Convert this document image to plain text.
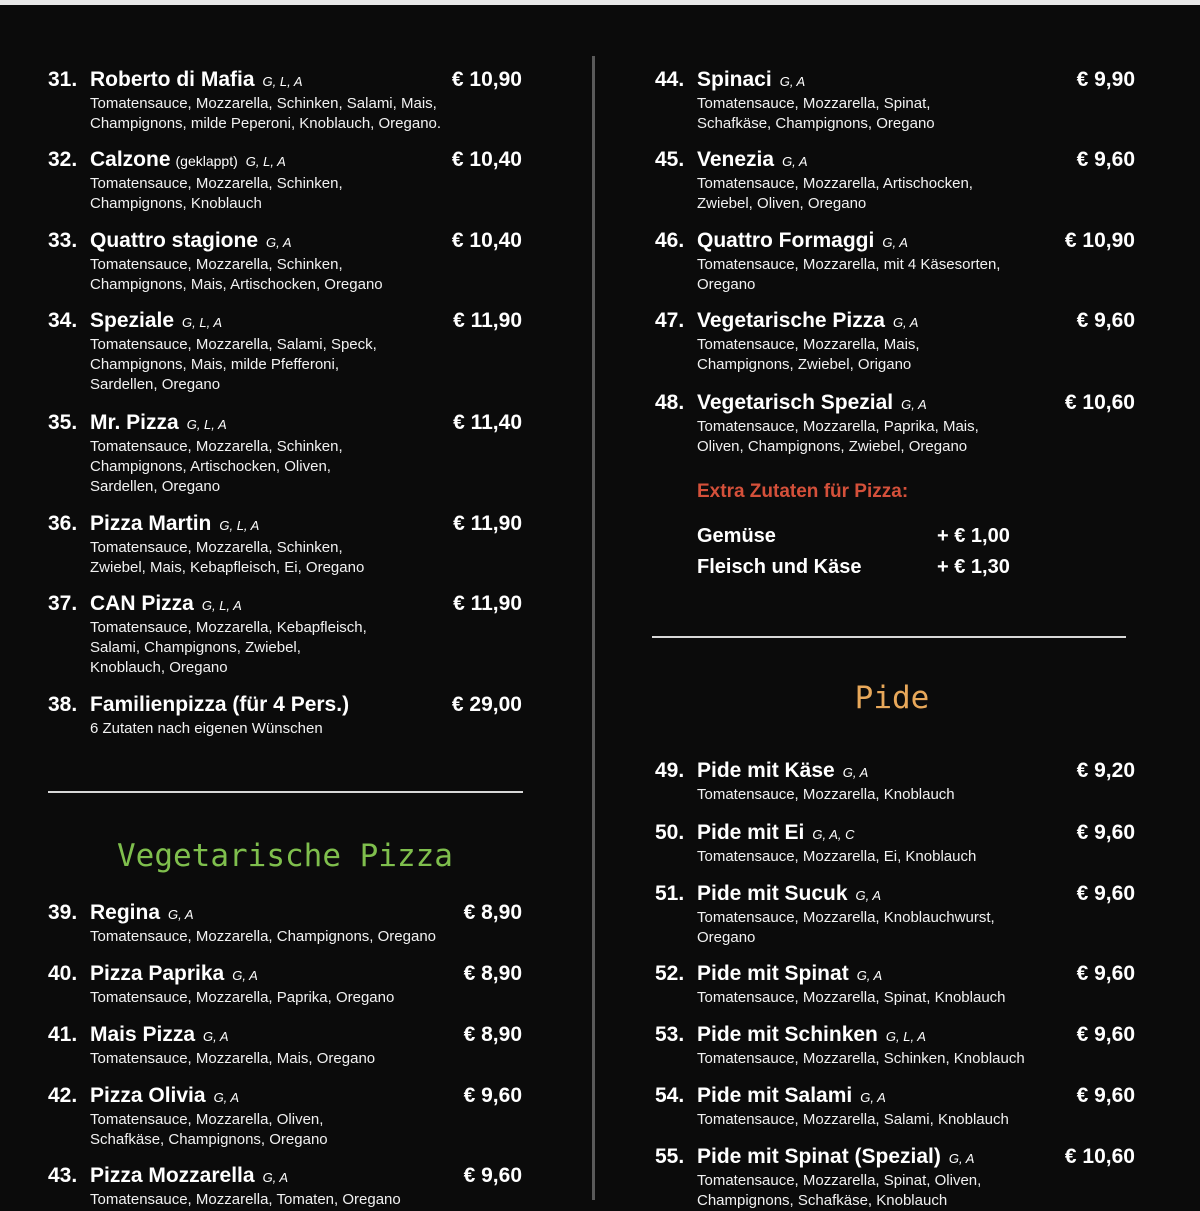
Vegetarische Pizza
31. Roberto di Mafia G, L, A	€ 10,90
Tomatensauce, Mozzarella, Schinken, Salami, Mais,
Champignons, milde Peperoni, Knoblauch, Oregano.
32. Calzone (geklappt) G, L, A	€ 10,40
Tomatensauce, Mozzarella, Schinken,
Champignons, Knoblauch
33. Quattro stagione G, A	€ 10,40
Tomatensauce, Mozzarella, Schinken,
Champignons, Mais, Artischocken, Oregano
34. Speziale G, L, A	€ 11,90
Tomatensauce, Mozzarella, Salami, Speck,
Champignons, Mais, milde Pfefferoni,
Sardellen, Oregano
35. Mr. Pizza G, L, A	€ 11,40
Tomatensauce, Mozzarella, Schinken,
Champignons, Artischocken, Oliven,
Sardellen, Oregano
36. Pizza Martin G, L, A	€ 11,90
Tomatensauce, Mozzarella, Schinken,
Zwiebel, Mais, Kebapfleisch, Ei, Oregano
37. CAN Pizza G, L, A	€ 11,90
Tomatensauce, Mozzarella, Kebapfleisch,
Salami, Champignons, Zwiebel,
Knoblauch, Oregano
38. Familienpizza (für 4 Pers.)	€ 29,00
6 Zutaten nach eigenen Wünschen
39. Regina G, A	€ 8,90
Tomatensauce, Mozzarella, Champignons, Oregano
40. Pizza Paprika G, A	€ 8,90
Tomatensauce, Mozzarella, Paprika, Oregano
41. Mais Pizza G, A	€ 8,90
Tomatensauce, Mozzarella, Mais, Oregano
42. Pizza Olivia G, A	€ 9,60
Tomatensauce, Mozzarella, Oliven,
Schafkäse, Champignons, Oregano
43. Pizza Mozzarella G, A	€ 9,60
Tomatensauce, Mozzarella, Tomaten, Oregano
Extra Zutaten für Pizza:
Gemüse	+ € 1,00
Fleisch und Käse	+ € 1,30
Pide
44. Spinaci G, A	€ 9,90
Tomatensauce, Mozzarella, Spinat,
Schafkäse, Champignons, Oregano
45. Venezia G, A	€ 9,60
Tomatensauce, Mozzarella, Artischocken,
Zwiebel, Oliven, Oregano
46. Quattro Formaggi G, A	€ 10,90
Tomatensauce, Mozzarella, mit 4 Käsesorten,
Oregano
47. Vegetarische Pizza G, A	€ 9,60
Tomatensauce, Mozzarella, Mais,
Champignons, Zwiebel, Origano
48. Vegetarisch Spezial G, A	€ 10,60
Tomatensauce, Mozzarella, Paprika, Mais,
Oliven, Champignons, Zwiebel, Oregano
49. Pide mit Käse G, A	€ 9,20
Tomatensauce, Mozzarella, Knoblauch
50. Pide mit Ei G, A, C	€ 9,60
Tomatensauce, Mozzarella, Ei, Knoblauch
51. Pide mit Sucuk G, A	€ 9,60
Tomatensauce, Mozzarella, Knoblauchwurst,
Oregano
52. Pide mit Spinat G, A	€ 9,60
Tomatensauce, Mozzarella, Spinat, Knoblauch
53. Pide mit Schinken G, L, A	€ 9,60
Tomatensauce, Mozzarella, Schinken, Knoblauch
54. Pide mit Salami G, A	€ 9,60
Tomatensauce, Mozzarella, Salami, Knoblauch
55. Pide mit Spinat (Spezial) G, A	€ 10,60
Tomatensauce, Mozzarella, Spinat, Oliven,
Champignons, Schafkäse, Knoblauch
